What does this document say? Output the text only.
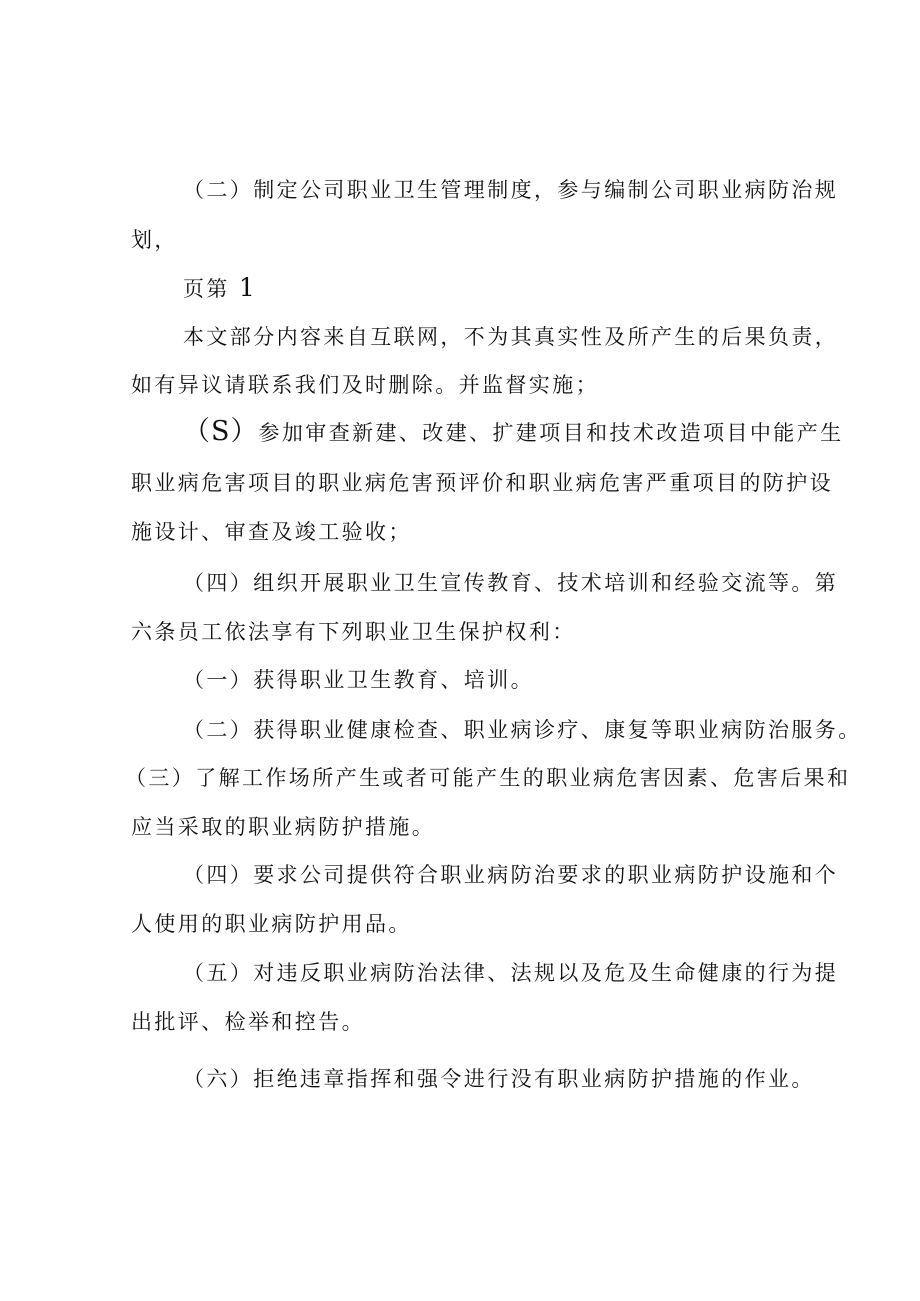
（二）制定公司职业卫生管理制度，参与编制公司职业病防治规
划，
页第 1
本文部分内容来自互联网，不为其真实性及所产生的后果负责，
如有异议请联系我们及时删除。并监督实施；
（S）参加审查新建、改建、扩建项目和技术改造项目中能产生
职业病危害项目的职业病危害预评价和职业病危害严重项目的防护设
施设计、审查及竣工验收；
（四）组织开展职业卫生宣传教育、技术培训和经验交流等。第
六条员工依法享有下列职业卫生保护权利：
（一）获得职业卫生教育、培训。
（二）获得职业健康检查、职业病诊疗、康复等职业病防治服务。
（三）了解工作场所产生或者可能产生的职业病危害因素、危害后果和
应当采取的职业病防护措施。
（四）要求公司提供符合职业病防治要求的职业病防护设施和个
人使用的职业病防护用品。
（五）对违反职业病防治法律、法规以及危及生命健康的行为提
出批评、检举和控告。
（六）拒绝违章指挥和强令进行没有职业病防护措施的作业。
